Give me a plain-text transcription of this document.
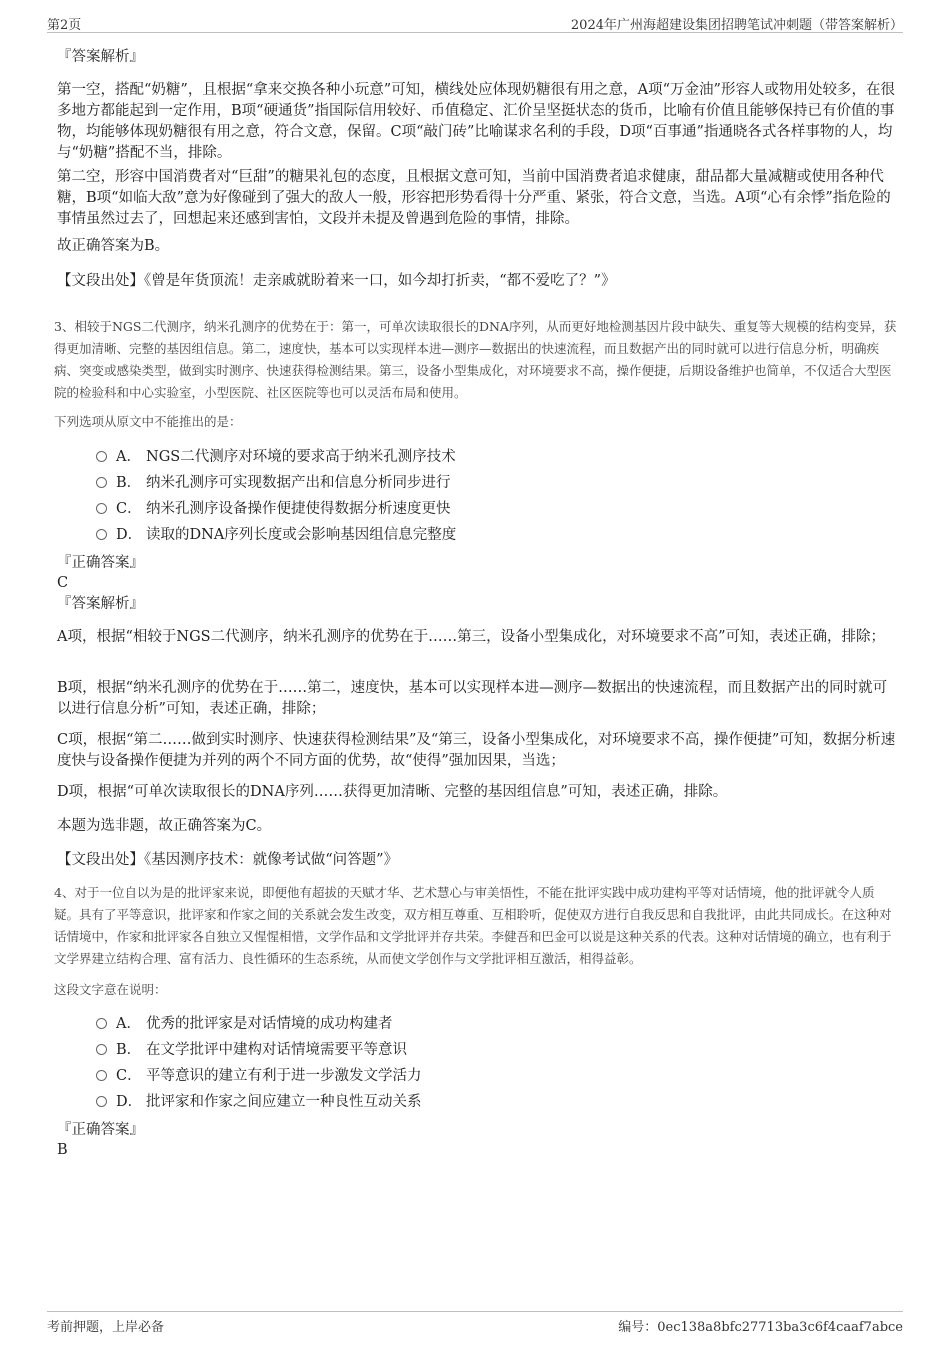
第2页	2024年广州海超建设集团招聘笔试冲刺题（带答案解析）

『答案解析』

第一空，搭配“奶糖”，且根据“拿来交换各种小玩意”可知，横线处应体现奶糖很有用之意，A项“万金油”形容人或物用处较多，在很多地方都能起到一定作用，B项“硬通货”指国际信用较好、币值稳定、汇价呈坚挺状态的货币，比喻有价值且能够保持已有价值的事物，均能够体现奶糖很有用之意，符合文意，保留。C项“敲门砖”比喻谋求名利的手段，D项“百事通”指通晓各式各样事物的人，均与“奶糖”搭配不当，排除。

第二空，形容中国消费者对“巨甜”的糖果礼包的态度，且根据文意可知，当前中国消费者追求健康，甜品都大量减糖或使用各种代糖，B项“如临大敌”意为好像碰到了强大的敌人一般，形容把形势看得十分严重、紧张，符合文意，当选。A项“心有余悸”指危险的事情虽然过去了，回想起来还感到害怕，文段并未提及曾遇到危险的事情，排除。

故正确答案为B。

【文段出处】《曾是年货顶流！走亲戚就盼着来一口，如今却打折卖，“都不爱吃了？”》

3、相较于NGS二代测序，纳米孔测序的优势在于：第一，可单次读取很长的DNA序列，从而更好地检测基因片段中缺失、重复等大规模的结构变异，获得更加清晰、完整的基因组信息。第二，速度快，基本可以实现样本进—测序—数据出的快速流程，而且数据产出的同时就可以进行信息分析，明确疾病、突变或感染类型，做到实时测序、快速获得检测结果。第三，设备小型集成化，对环境要求不高，操作便捷，后期设备维护也简单，不仅适合大型医院的检验科和中心实验室，小型医院、社区医院等也可以灵活布局和使用。

下列选项从原文中不能推出的是：

A． NGS二代测序对环境的要求高于纳米孔测序技术
B． 纳米孔测序可实现数据产出和信息分析同步进行
C． 纳米孔测序设备操作便捷使得数据分析速度更快
D． 读取的DNA序列长度或会影响基因组信息完整度

『正确答案』

C

『答案解析』

A项，根据“相较于NGS二代测序，纳米孔测序的优势在于……第三，设备小型集成化，对环境要求不高”可知，表述正确，排除；

B项，根据“纳米孔测序的优势在于……第二，速度快，基本可以实现样本进—测序—数据出的快速流程，而且数据产出的同时就可以进行信息分析”可知，表述正确，排除；

C项，根据“第二……做到实时测序、快速获得检测结果”及“第三，设备小型集成化，对环境要求不高，操作便捷”可知，数据分析速度快与设备操作便捷为并列的两个不同方面的优势，故“使得”强加因果，当选；

D项，根据“可单次读取很长的DNA序列……获得更加清晰、完整的基因组信息”可知，表述正确，排除。

本题为选非题，故正确答案为C。

【文段出处】《基因测序技术：就像考试做“问答题”》

4、对于一位自以为是的批评家来说，即便他有超拔的天赋才华、艺术慧心与审美悟性，不能在批评实践中成功建构平等对话情境，他的批评就令人质疑。具有了平等意识，批评家和作家之间的关系就会发生改变，双方相互尊重、互相聆听，促使双方进行自我反思和自我批评，由此共同成长。在这种对话情境中，作家和批评家各自独立又惺惺相惜，文学作品和文学批评并存共荣。李健吾和巴金可以说是这种关系的代表。这种对话情境的确立，也有利于文学界建立结构合理、富有活力、良性循环的生态系统，从而使文学创作与文学批评相互激活，相得益彰。

这段文字意在说明：

A． 优秀的批评家是对话情境的成功构建者
B． 在文学批评中建构对话情境需要平等意识
C． 平等意识的建立有利于进一步激发文学活力
D． 批评家和作家之间应建立一种良性互动关系

『正确答案』

B

考前押题，上岸必备	编号：0ec138a8bfc27713ba3c6f4caaf7abce
